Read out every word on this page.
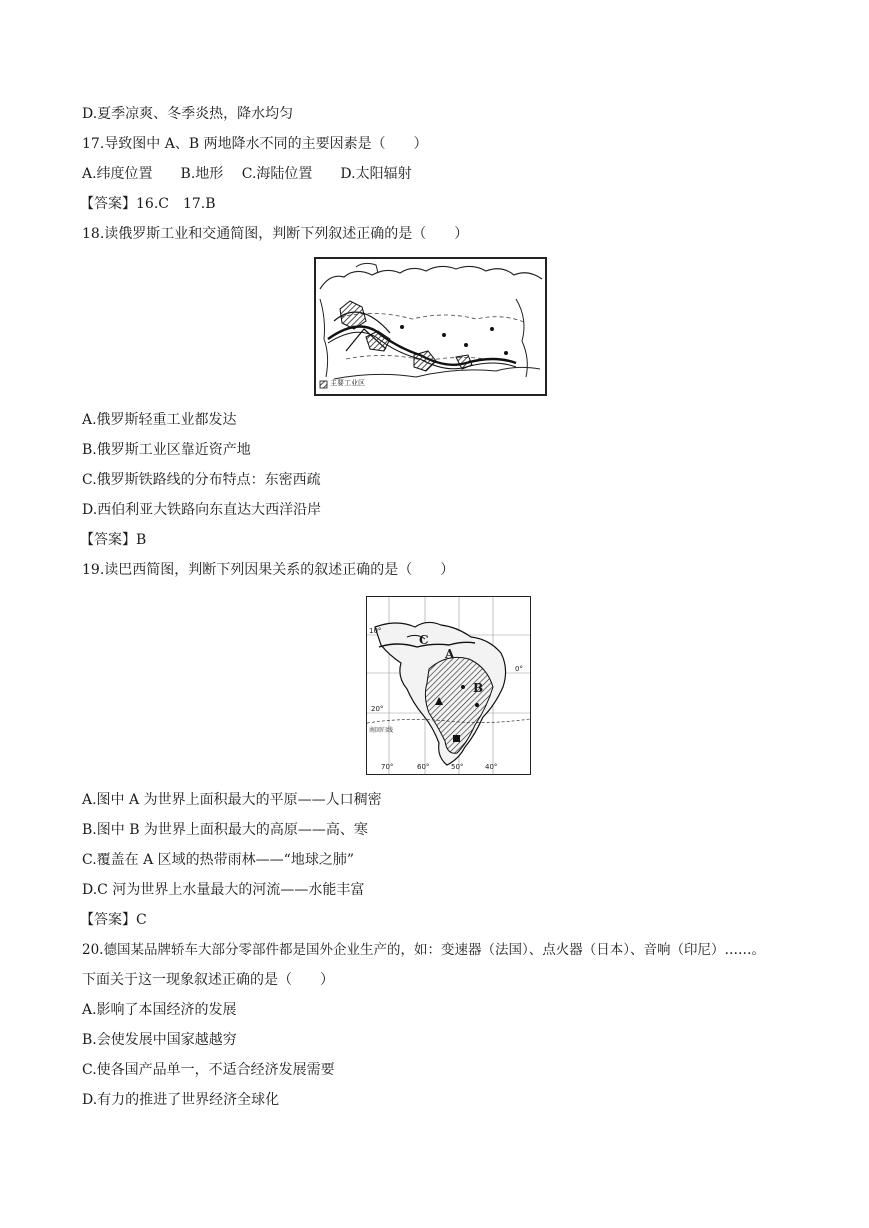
D.夏季凉爽、冬季炎热，降水均匀
17.导致图中 A、B 两地降水不同的主要因素是（　　）
A.纬度位置　　B.地形　 C.海陆位置　　D.太阳辐射
【答案】16.C　17.B
18.读俄罗斯工业和交通简图，判断下列叙述正确的是（　　）
主要工业区
A.俄罗斯轻重工业都发达
B.俄罗斯工业区靠近资产地
C.俄罗斯铁路线的分布特点：东密西疏
D.西伯利亚大铁路向东直达大西洋沿岸
【答案】B
19.读巴西简图，判断下列因果关系的叙述正确的是（　　）
A
B
C
10°
0°
20°
南回归线
70°	60°	50°	40°
A.图中 A 为世界上面积最大的平原——人口稠密
B.图中 B 为世界上面积最大的高原——高、寒
C.覆盖在 A 区域的热带雨林——“地球之肺”
D.C 河为世界上水量最大的河流——水能丰富
【答案】C
20.德国某品牌轿车大部分零部件都是国外企业生产的，如：变速器（法国）、点火器（日本）、音响（印尼）……。
下面关于这一现象叙述正确的是（　　）
A.影响了本国经济的发展
B.会使发展中国家越越穷
C.使各国产品单一，不适合经济发展需要
D.有力的推进了世界经济全球化
